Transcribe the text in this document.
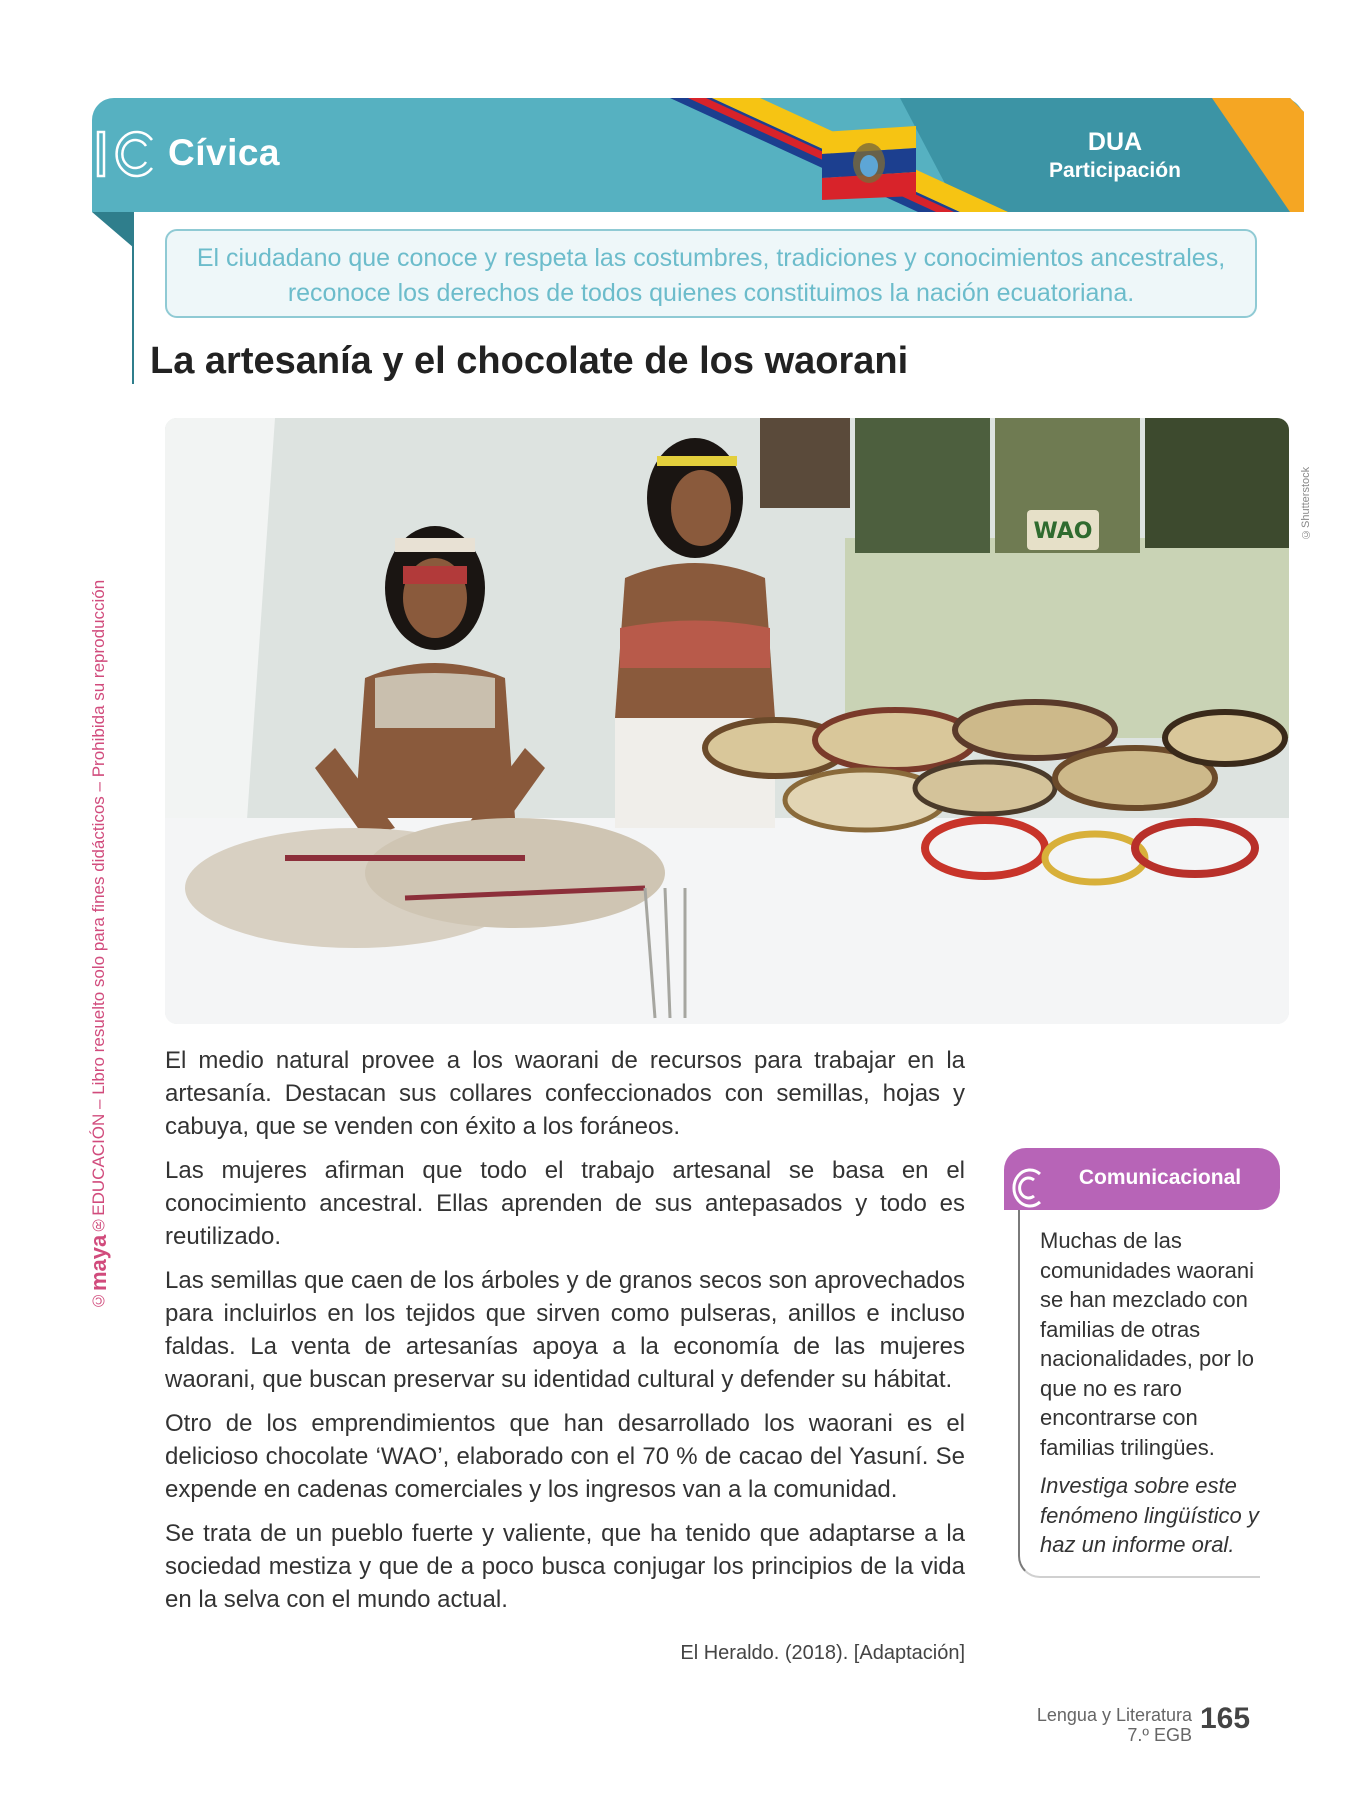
Cívica	DUA
Participación
El ciudadano que conoce y respeta las costumbres, tradiciones y conocimientos ancestrales, reconoce los derechos de todos quienes constituimos la nación ecuatoriana.
La artesanía y el chocolate de los waorani
WAO	©Shutterstock
©maya®EDUCACIÓN – Libro resuelto solo para fines didácticos – Prohibida su reproducción	El medio natural provee a los waorani de recursos para trabajar en la artesanía. Destacan sus collares confeccionados con semillas, hojas y cabuya, que se venden con éxito a los foráneos.

Las mujeres afirman que todo el trabajo artesanal se basa en el conocimiento ancestral. Ellas aprenden de sus antepasados y todo es reutilizado.

Las semillas que caen de los árboles y de granos secos son aprovechados para incluirlos en los tejidos que sirven como pulseras, anillos e incluso faldas. La venta de artesanías apoya a la economía de las mujeres waorani, que buscan preservar su identidad cultural y defender su hábitat.

Otro de los emprendimientos que han desarrollado los waorani es el delicioso chocolate ‘WAO’, elaborado con el 70 % de cacao del Yasuní. Se expende en cadenas comerciales y los ingresos van a la comunidad.

Se trata de un pueblo fuerte y valiente, que ha tenido que adaptarse a la sociedad mestiza y que de a poco busca conjugar los principios de la vida en la selva con el mundo actual.

El Heraldo. (2018). [Adaptación]
Comunicacional
Muchas de las comunidades waorani se han mezclado con familias de otras nacionalidades, por lo que no es raro encontrarse con familias trilingües.
Investiga sobre este fenómeno lingüístico y haz un informe oral.
Lengua y Literatura
7.º EGB 165
